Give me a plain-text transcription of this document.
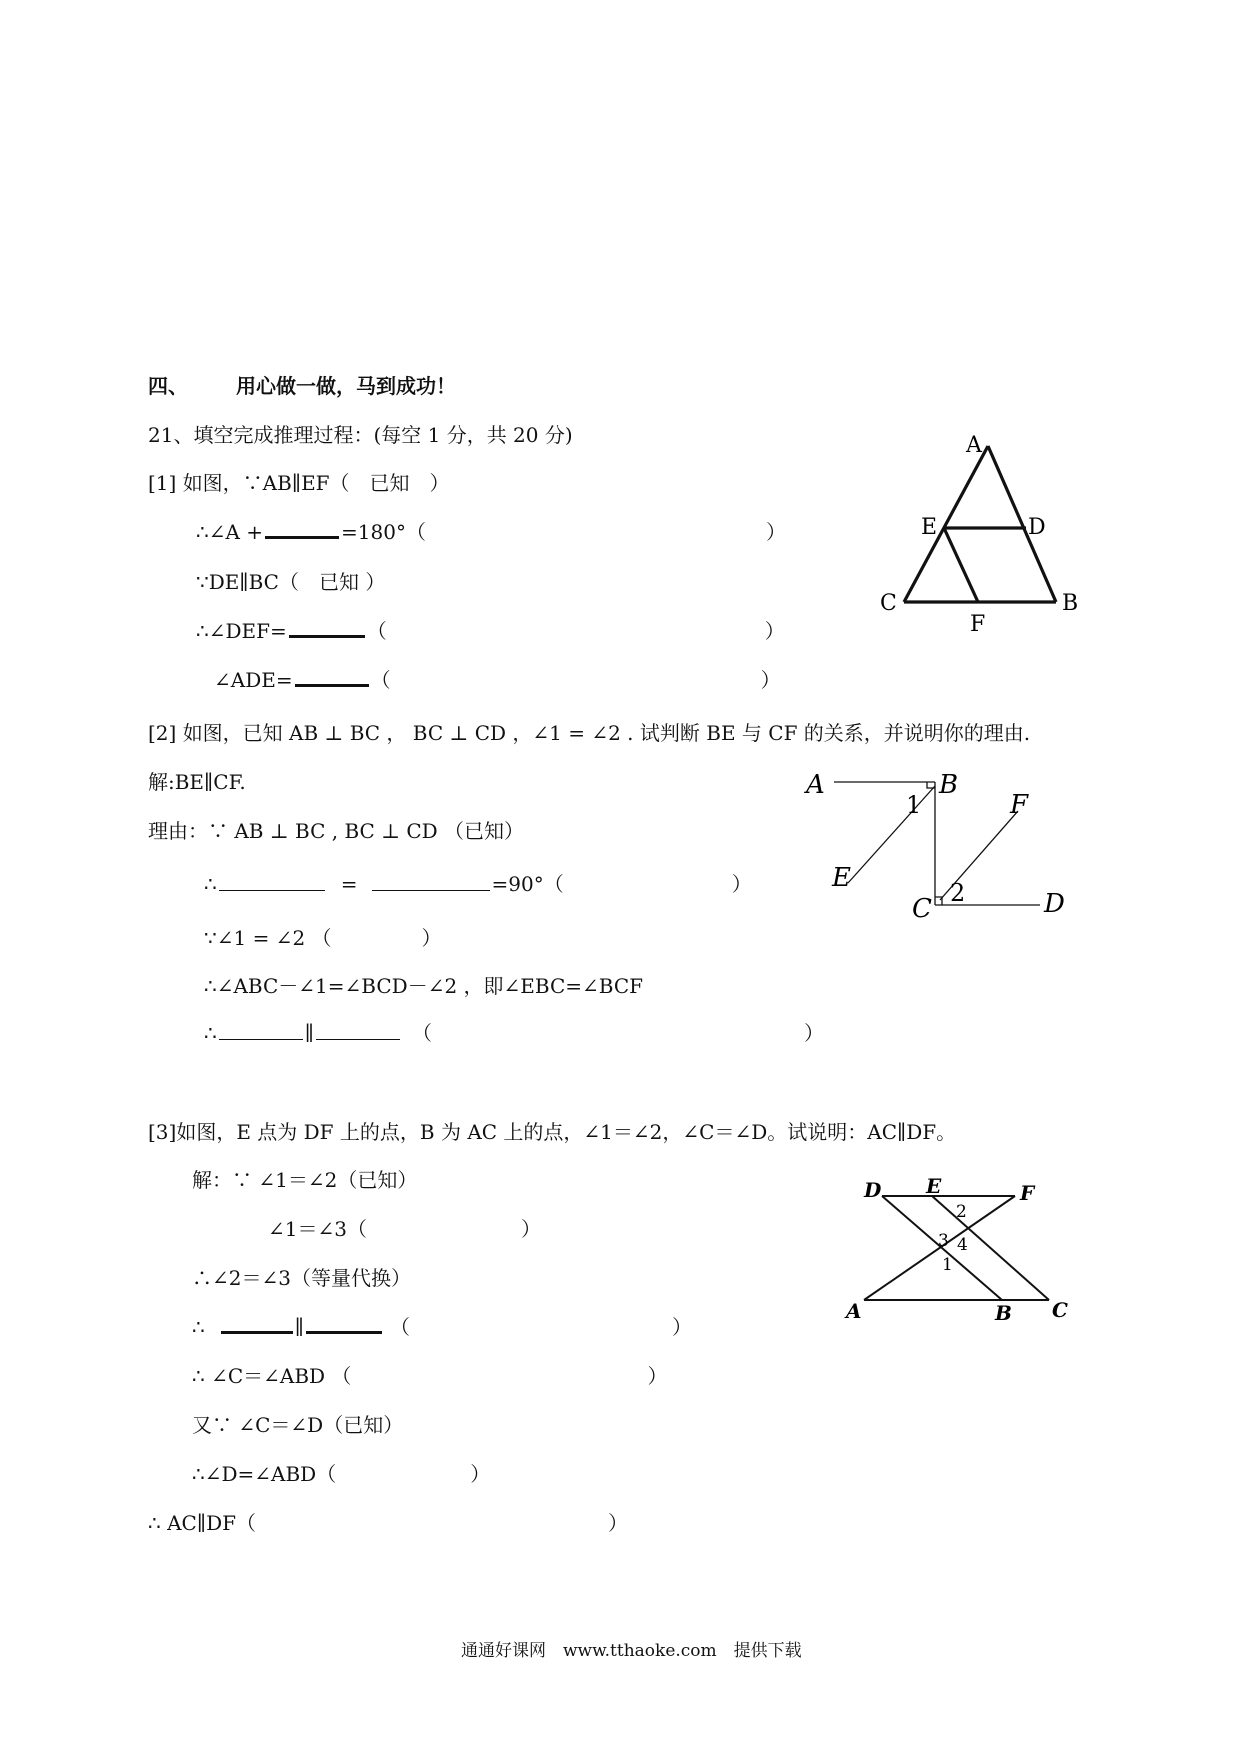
四、 用心做一做，马到成功！
21、填空完成推理过程：(每空 1 分，共 20 分)
[1] 如图，∵AB∥EF（　已知　）
∴∠A +	=180°（	）
∵DE∥BC（　已知 ）
∴∠DEF=	（	）
∠ADE=	（	）
A
E	D
C	B
F
[2] 如图，已知 AB ⊥ BC ， BC ⊥ CD ，∠1 = ∠2 . 试判断 BE 与 CF 的关系，并说明你的理由.
解:BE∥CF.
理由：∵ AB ⊥ BC , BC ⊥ CD （已知）
∴	=	=90°（	）
∵∠1 = ∠2 （	）
∴∠ABC－∠1=∠BCD－∠2 ，即∠EBC=∠BCF
∴	∥	（	）
A	B
F
E
C	D
1
2
[3]如图，E 点为 DF 上的点，B 为 AC 上的点，∠1＝∠2，∠C＝∠D。试说明：AC∥DF。
解：∵ ∠1＝∠2（已知）
∠1＝∠3（	）
∴∠2＝∠3（等量代换）
∴	∥	（	）
∴ ∠C＝∠ABD （	）
又∵ ∠C＝∠D（已知）
∴∠D=∠ABD（	）
∴ AC∥DF（	）
D E	F
A	B C
2
3 4
1
通通好课网　www.tthaoke.com　提供下载
